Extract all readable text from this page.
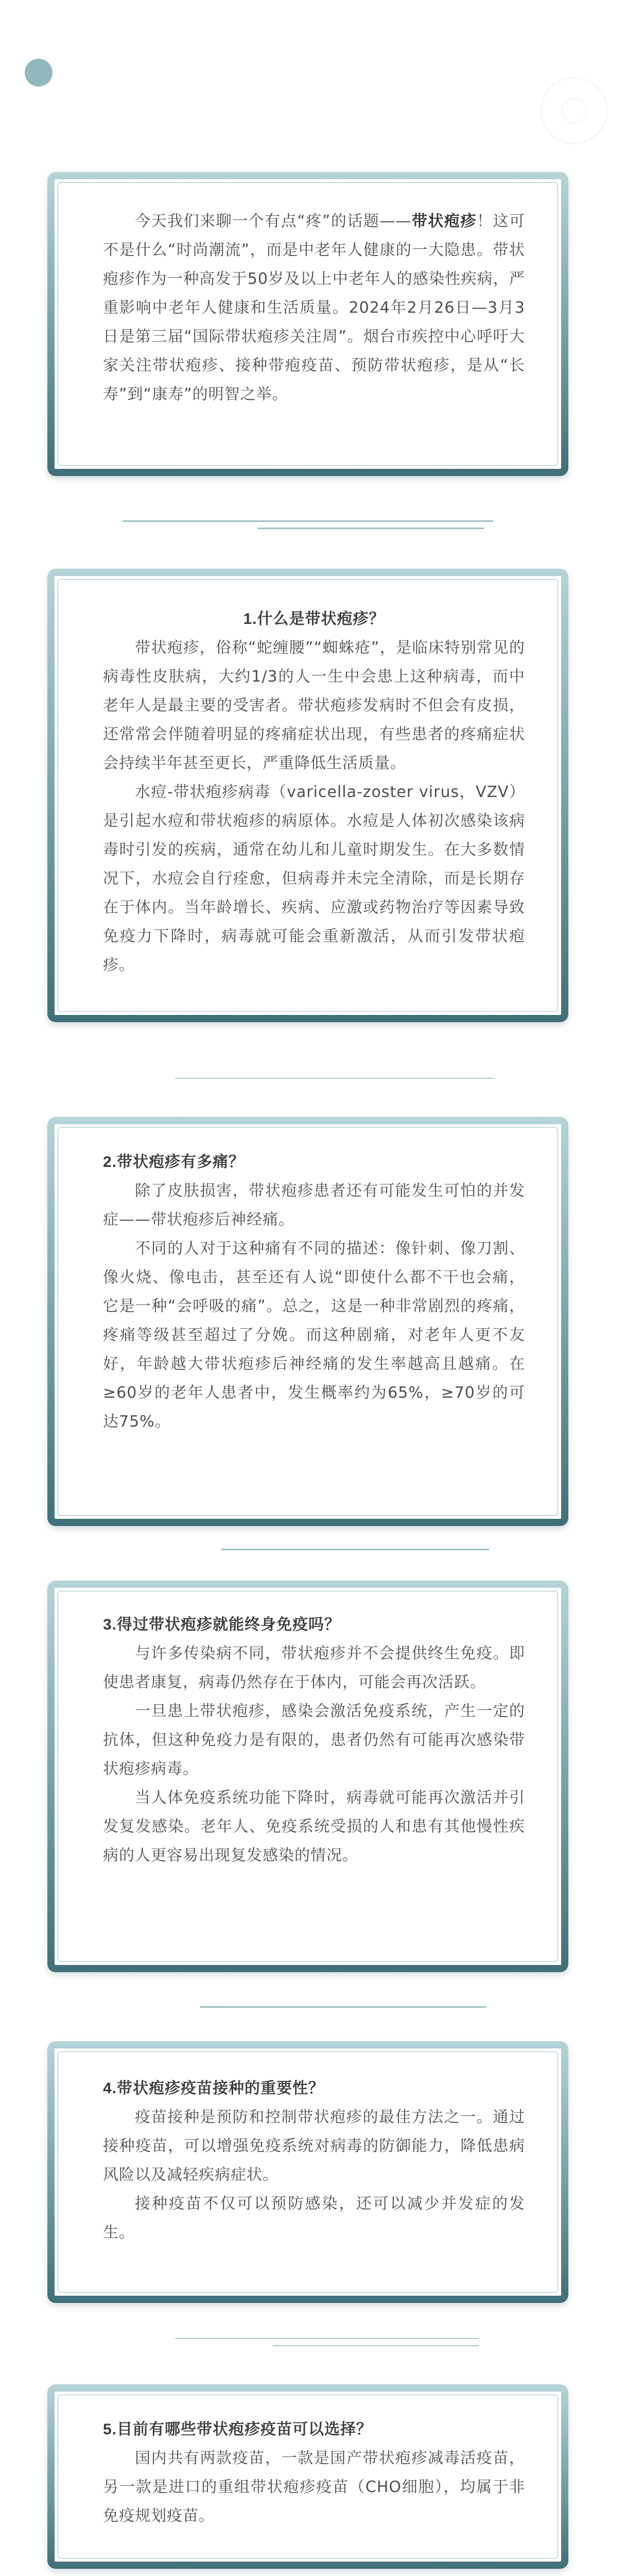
今天我们来聊一个有点“疼”的话题——带状疱疹！这可不是什么“时尚潮流”，而是中老年人健康的一大隐患。带状疱疹作为一种高发于50岁及以上中老年人的感染性疾病，严重影响中老年人健康和生活质量。2024年2月26日—3月3日是第三届“国际带状疱疹关注周”。烟台市疾控中心呼吁大家关注带状疱疹、接种带疱疫苗、预防带状疱疹，是从“长寿”到“康寿”的明智之举。

1.什么是带状疱疹？

带状疱疹，俗称“蛇缠腰”“蜘蛛疮”，是临床特别常见的病毒性皮肤病，大约1/3的人一生中会患上这种病毒，而中老年人是最主要的受害者。带状疱疹发病时不但会有皮损，还常常会伴随着明显的疼痛症状出现，有些患者的疼痛症状会持续半年甚至更长，严重降低生活质量。

水痘-带状疱疹病毒（varicella-zoster virus，VZV）是引起水痘和带状疱疹的病原体。水痘是人体初次感染该病毒时引发的疾病，通常在幼儿和儿童时期发生。在大多数情况下，水痘会自行痊愈，但病毒并未完全清除，而是长期存在于体内。当年龄增长、疾病、应激或药物治疗等因素导致免疫力下降时，病毒就可能会重新激活，从而引发带状疱疹。

2.带状疱疹有多痛？

除了皮肤损害，带状疱疹患者还有可能发生可怕的并发症——带状疱疹后神经痛。

不同的人对于这种痛有不同的描述：像针刺、像刀割、像火烧、像电击，甚至还有人说“即使什么都不干也会痛，它是一种“会呼吸的痛”。总之，这是一种非常剧烈的疼痛，疼痛等级甚至超过了分娩。而这种剧痛，对老年人更不友好，年龄越大带状疱疹后神经痛的发生率越高且越痛。在≥60岁的老年人患者中，发生概率约为65%，≥70岁的可达75%。

3.得过带状疱疹就能终身免疫吗？

与许多传染病不同，带状疱疹并不会提供终生免疫。即使患者康复，病毒仍然存在于体内，可能会再次活跃。

一旦患上带状疱疹，感染会激活免疫系统，产生一定的抗体，但这种免疫力是有限的，患者仍然有可能再次感染带状疱疹病毒。

当人体免疫系统功能下降时，病毒就可能再次激活并引发复发感染。老年人、免疫系统受损的人和患有其他慢性疾病的人更容易出现复发感染的情况。

4.带状疱疹疫苗接种的重要性？

疫苗接种是预防和控制带状疱疹的最佳方法之一。通过接种疫苗，可以增强免疫系统对病毒的防御能力，降低患病风险以及减轻疾病症状。

接种疫苗不仅可以预防感染，还可以减少并发症的发生。

5.目前有哪些带状疱疹疫苗可以选择？

国内共有两款疫苗，一款是国产带状疱疹减毒活疫苗，另一款是进口的重组带状疱疹疫苗（CHO细胞），均属于非免疫规划疫苗。
